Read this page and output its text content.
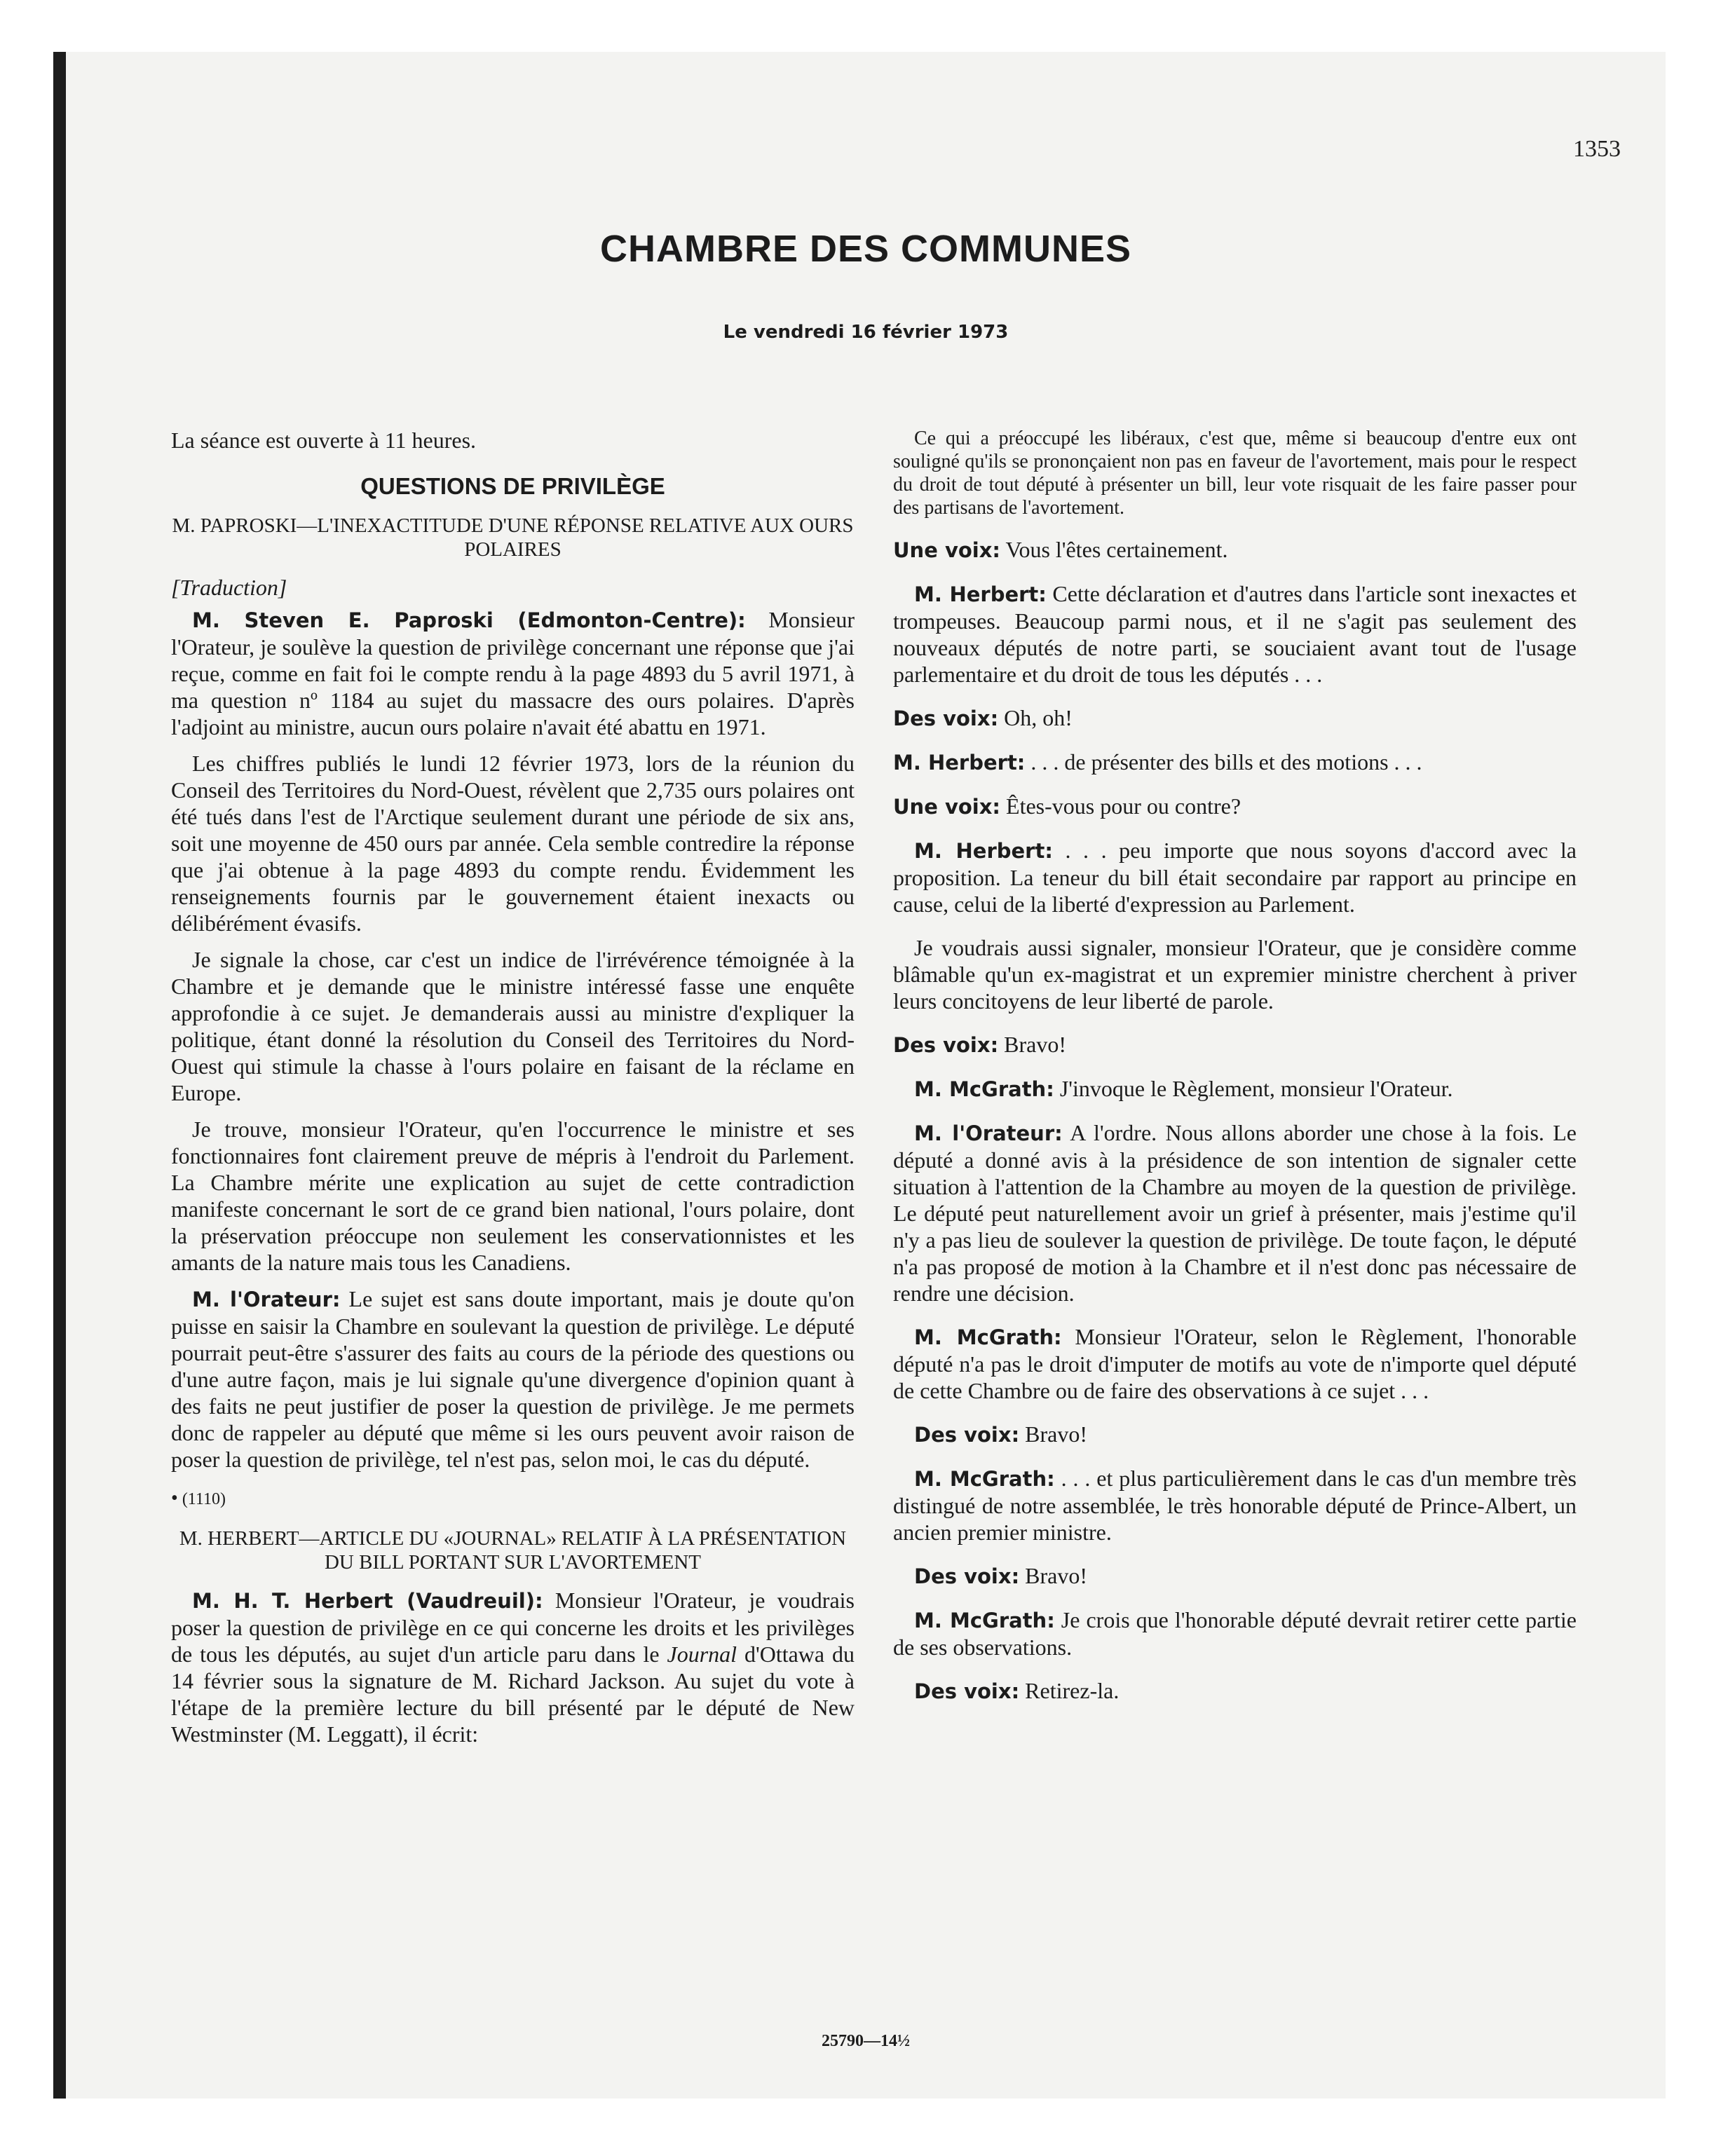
1353
CHAMBRE DES COMMUNES
Le vendredi 16 février 1973

La séance est ouverte à 11 heures.

QUESTIONS DE PRIVILÈGE
M. PAPROSKI—L'INEXACTITUDE D'UNE RÉPONSE RELATIVE AUX OURS POLAIRES
[Traduction]

M. Steven E. Paproski (Edmonton-Centre): Monsieur l'Orateur, je soulève la question de privilège concernant une réponse que j'ai reçue, comme en fait foi le compte rendu à la page 4893 du 5 avril 1971, à ma question nº 1184 au sujet du massacre des ours polaires. D'après l'adjoint au ministre, aucun ours polaire n'avait été abattu en 1971.

Les chiffres publiés le lundi 12 février 1973, lors de la réunion du Conseil des Territoires du Nord-Ouest, révèlent que 2,735 ours polaires ont été tués dans l'est de l'Arctique seulement durant une période de six ans, soit une moyenne de 450 ours par année. Cela semble contredire la réponse que j'ai obtenue à la page 4893 du compte rendu. Évidemment les renseignements fournis par le gouvernement étaient inexacts ou délibérément évasifs.

Je signale la chose, car c'est un indice de l'irrévérence témoignée à la Chambre et je demande que le ministre intéressé fasse une enquête approfondie à ce sujet. Je demanderais aussi au ministre d'expliquer la politique, étant donné la résolution du Conseil des Territoires du Nord-Ouest qui stimule la chasse à l'ours polaire en faisant de la réclame en Europe.

Je trouve, monsieur l'Orateur, qu'en l'occurrence le ministre et ses fonctionnaires font clairement preuve de mépris à l'endroit du Parlement. La Chambre mérite une explication au sujet de cette contradiction manifeste concernant le sort de ce grand bien national, l'ours polaire, dont la préservation préoccupe non seulement les conservationnistes et les amants de la nature mais tous les Canadiens.

M. l'Orateur: Le sujet est sans doute important, mais je doute qu'on puisse en saisir la Chambre en soulevant la question de privilège. Le député pourrait peut-être s'assurer des faits au cours de la période des questions ou d'une autre façon, mais je lui signale qu'une divergence d'opinion quant à des faits ne peut justifier de poser la question de privilège. Je me permets donc de rappeler au député que même si les ours peuvent avoir raison de poser la question de privilège, tel n'est pas, selon moi, le cas du député.

• (1110)
M. HERBERT—ARTICLE DU «JOURNAL» RELATIF À LA PRÉSENTATION DU BILL PORTANT SUR L'AVORTEMENT

M. H. T. Herbert (Vaudreuil): Monsieur l'Orateur, je voudrais poser la question de privilège en ce qui concerne les droits et les privilèges de tous les députés, au sujet d'un article paru dans le Journal d'Ottawa du 14 février sous la signature de M. Richard Jackson. Au sujet du vote à l'étape de la première lecture du bill présenté par le député de New Westminster (M. Leggatt), il écrit:

Ce qui a préoccupé les libéraux, c'est que, même si beaucoup d'entre eux ont souligné qu'ils se prononçaient non pas en faveur de l'avortement, mais pour le respect du droit de tout député à présenter un bill, leur vote risquait de les faire passer pour des partisans de l'avortement.

Une voix: Vous l'êtes certainement.

M. Herbert: Cette déclaration et d'autres dans l'article sont inexactes et trompeuses. Beaucoup parmi nous, et il ne s'agit pas seulement des nouveaux députés de notre parti, se souciaient avant tout de l'usage parlementaire et du droit de tous les députés . . .

Des voix: Oh, oh!

M. Herbert: . . . de présenter des bills et des motions . . .

Une voix: Êtes-vous pour ou contre?

M. Herbert: . . . peu importe que nous soyons d'accord avec la proposition. La teneur du bill était secondaire par rapport au principe en cause, celui de la liberté d'expression au Parlement.

Je voudrais aussi signaler, monsieur l'Orateur, que je considère comme blâmable qu'un ex-magistrat et un expremier ministre cherchent à priver leurs concitoyens de leur liberté de parole.

Des voix: Bravo!

M. McGrath: J'invoque le Règlement, monsieur l'Orateur.

M. l'Orateur: A l'ordre. Nous allons aborder une chose à la fois. Le député a donné avis à la présidence de son intention de signaler cette situation à l'attention de la Chambre au moyen de la question de privilège. Le député peut naturellement avoir un grief à présenter, mais j'estime qu'il n'y a pas lieu de soulever la question de privilège. De toute façon, le député n'a pas proposé de motion à la Chambre et il n'est donc pas nécessaire de rendre une décision.

M. McGrath: Monsieur l'Orateur, selon le Règlement, l'honorable député n'a pas le droit d'imputer de motifs au vote de n'importe quel député de cette Chambre ou de faire des observations à ce sujet . . .

Des voix: Bravo!

M. McGrath: . . . et plus particulièrement dans le cas d'un membre très distingué de notre assemblée, le très honorable député de Prince-Albert, un ancien premier ministre.

Des voix: Bravo!

M. McGrath: Je crois que l'honorable député devrait retirer cette partie de ses observations.

Des voix: Retirez-la.

25790—14½
